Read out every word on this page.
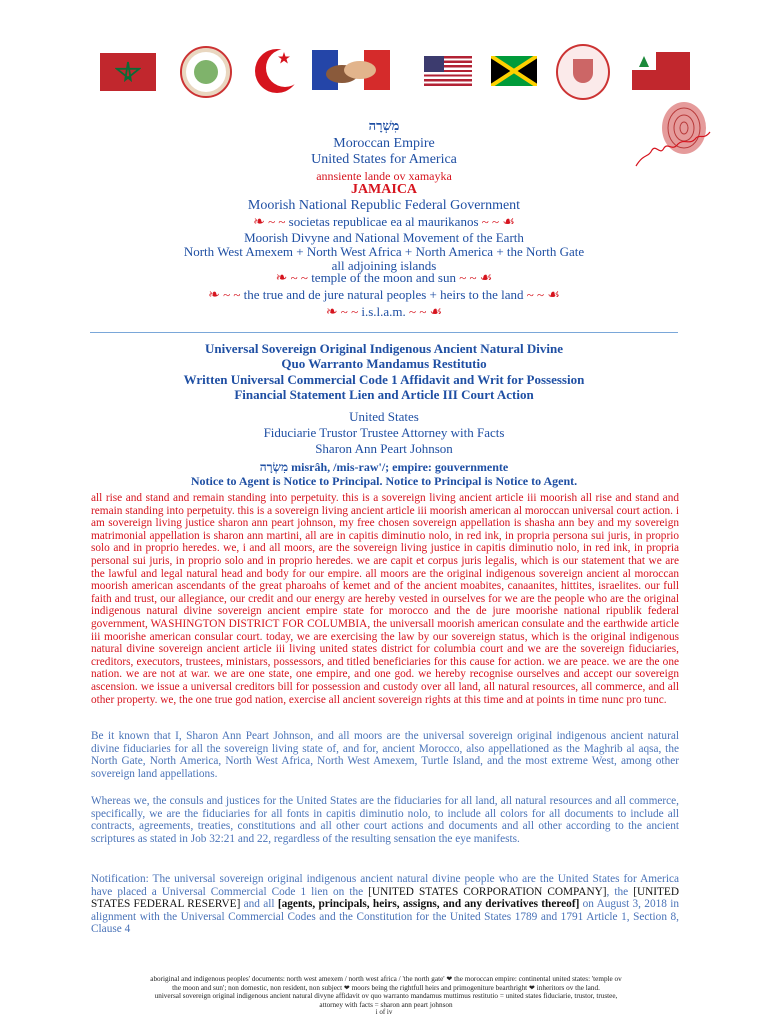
מִשְׁרָה
Moroccan Empire
United States for America
annsiente lande ov xamayka
JAMAICA
Moorish National Republic Federal Government
❧ ~ ~ societas republicae ea al maurikanos ~ ~ ☙
Moorish Divyne and National Movement of the Earth
North West Amexem + North West Africa + North America + the North Gate
all adjoining islands
❧ ~ ~ temple of the moon and sun ~ ~ ☙
❧ ~ ~ the true and de jure natural peoples + heirs to the land ~ ~ ☙
❧ ~ ~ i.s.l.a.m. ~ ~ ☙
Universal Sovereign Original Indigenous Ancient Natural Divine
Quo Warranto Mandamus Restitutio
Written Universal Commercial Code 1 Affidavit and Writ for Possession
Financial Statement Lien and Article III Court Action
United States
Fiduciarie Trustor Trustee Attorney with Facts
Sharon Ann Peart Johnson
מִשְׂרָה misrâh, /mis-raw'/; empire: gouvernmente
Notice to Agent is Notice to Principal. Notice to Principal is Notice to Agent.

all rise and stand and remain standing into perpetuity. this is a sovereign living ancient article iii moorish all rise and stand and remain standing into perpetuity. this is a sovereign living ancient article iii moorish american al moroccan universal court action. i am sovereign living justice sharon ann peart johnson, my free chosen sovereign appellation is shasha ann bey and my sovereign matrimonial appellation is sharon ann martini, all are in capitis diminutio nolo, in red ink, in propria persona sui juris, in proprio solo and in proprio heredes. we, i and all moors, are the sovereign living justice in capitis diminutio nolo, in red ink, in propria personal sui juris, in proprio solo and in proprio heredes. we are capit et corpus juris legalis, which is our statement that we are the lawful and legal natural head and body for our empire. all moors are the original indigenous sovereign ancient al moroccan moorish american ascendants of the great pharoahs of kemet and of the ancient moabites, canaanites, hittites, israelites. our full faith and trust, our allegiance, our credit and our energy are hereby vested in ourselves for we are the people who are the original indigenous natural divine sovereign ancient empire state for morocco and the de jure moorishe national ripublik federal government, WASHINGTON DISTRICT FOR COLUMBIA, the universall moorish american consulate and the earthwide article iii moorishe american consular court. today, we are exercising the law by our sovereign status, which is the original indigenous natural divine sovereign ancient article iii living united states district for columbia court and we are the sovereign fiduciaries, creditors, executors, trustees, ministars, possessors, and titled beneficiaries for this cause for action. we are peace. we are the one nation. we are not at war. we are one state, one empire, and one god. we hereby recognise ourselves and accept our sovereign ascension. we issue a universal creditors bill for possession and custody over all land, all natural resources, all commerce, and all other property. we, the one true god nation, exercise all ancient sovereign rights at this time and at points in time nunc pro tunc.

Be it known that I, Sharon Ann Peart Johnson, and all moors are the universal sovereign original indigenous ancient natural divine fiduciaries for all the sovereign living state of, and for, ancient Morocco, also appellationed as the Maghrib al aqsa, the North Gate, North America, North West Africa, North West Amexem, Turtle Island, and the most extreme West, among other sovereign land appellations.

Whereas we, the consuls and justices for the United States are the fiduciaries for all land, all natural resources and all commerce, specifically, we are the fiduciaries for all fonts in capitis diminutio nolo, to include all colors for all documents to include all contracts, agreements, treaties, constitutions and all other court actions and documents and all other according to the ancient scriptures as stated in Job 32:21 and 22, regardless of the resulting sensation the eye manifests.

Notification: The universal sovereign original indigenous ancient natural divine people who are the United States for America have placed a Universal Commercial Code 1 lien on the [UNITED STATES CORPORATION COMPANY], the [UNITED STATES FEDERAL RESERVE] and all [agents, principals, heirs, assigns, and any derivatives thereof] on August 3, 2018 in alignment with the Universal Commercial Codes and the Constitution for the United States 1789 and 1791 Article 1, Section 8, Clause 4

aboriginal and indigenous peoples' documents: north west amexem / north west africa / 'the north gate' ❤ the moroccan empire: continental united states: 'temple ov
the moon and sun'; non domestic, non resident, non subject ❤ moors being the rightfull heirs and primogeniture bearthright ❤ inheritors ov the land.
universal sovereign original indigenous ancient natural divyne affidavit ov quo warranto mandamus muttimus restitutio = united states fiduciarie, trustor, trustee,
attorney with facts = sharon ann peart johnson
i of iv
